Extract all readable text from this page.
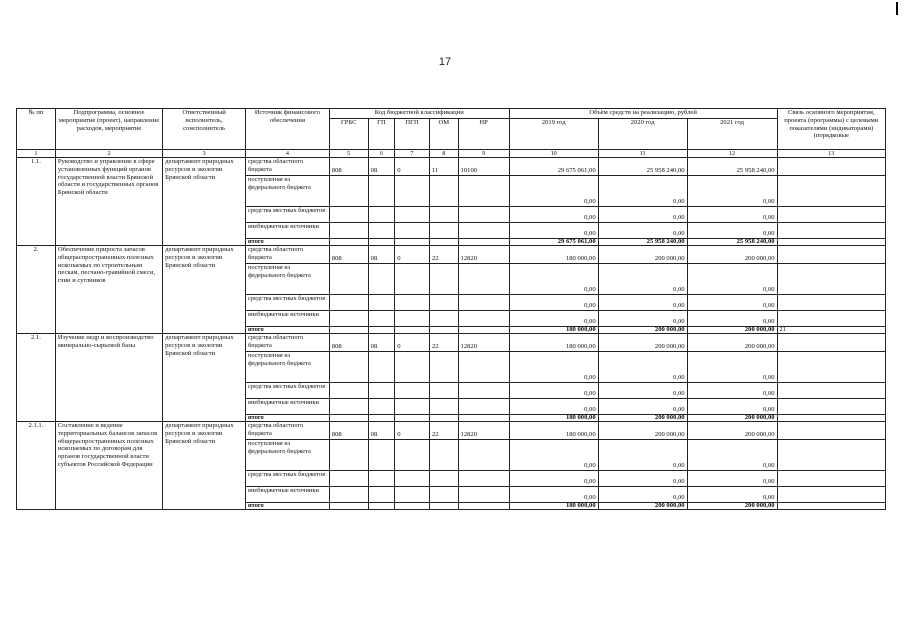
17
№ пп	Подпрограмма, основное мероприятие (проект), направление расходов, мероприятие	Ответственный исполнитель, соисполнитель	Источник финансового обеспечения	Код бюджетной классификации					Объём средств на реализацию, рублей			Связь основного мероприятия, проекта (программы) с целевыми показателями (индикаторами) (порядковые
				ГРБС	ГП	ПГП	ОМ	НР	2019 год	2020 год	2021 год	
1	2	3	4	5	6	7	8	9	10	11	12	13
1.1.	Руководство и управление в сфере установленных функций органов государственной власти Брянской области и государственных органов Брянской области	департамент природных ресурсов и экологии Брянской области	средства областного бюджета	808	08	0	11	10100	29 675 061,00	25 958 240,00	25 958 240,00	
			поступления из федерального бюджета						0,00	0,00	0,00	
			средства местных бюджетов						0,00	0,00	0,00	
			внебюджетные источники						0,00	0,00	0,00	
			итого						29 675 061,00	25 958 240,00	25 958 240,00	
2.	Обеспечение прироста запасов общераспространенных полезных ископаемых по строительным пескам, песчано-гравийной смеси, глин и суглинков	департамент природных ресурсов и экологии Брянской области	средства областного бюджета	808	08	0	22	12820	180 000,00	200 000,00	200 000,00	
			поступления из федерального бюджета						0,00	0,00	0,00	
			средства местных бюджетов						0,00	0,00	0,00	
			внебюджетные источники						0,00	0,00	0,00	
			итого						180 000,00	200 000,00	200 000,00	21
2.1.	Изучение недр и воспроизводство минерально-сырьевой базы	департамент природных ресурсов и экологии Брянской области	средства областного бюджета	808	08	0	22	12820	180 000,00	200 000,00	200 000,00	
			поступления из федерального бюджета						0,00	0,00	0,00	
			средства местных бюджетов						0,00	0,00	0,00	
			внебюджетные источники						0,00	0,00	0,00	
			итого						180 000,00	200 000,00	200 000,00	
2.1.1.	Составление и ведение территориальных балансов запасов общераспространенных полезных ископаемых по договорам для органов государственной власти субъектов Российской Федерации	департамент природных ресурсов и экологии Брянской области	средства областного бюджета	808	08	0	22	12820	180 000,00	200 000,00	200 000,00	
			поступления из федерального бюджета						0,00	0,00	0,00	
			средства местных бюджетов						0,00	0,00	0,00	
			внебюджетные источники						0,00	0,00	0,00	
			итого						180 000,00	200 000,00	200 000,00	
